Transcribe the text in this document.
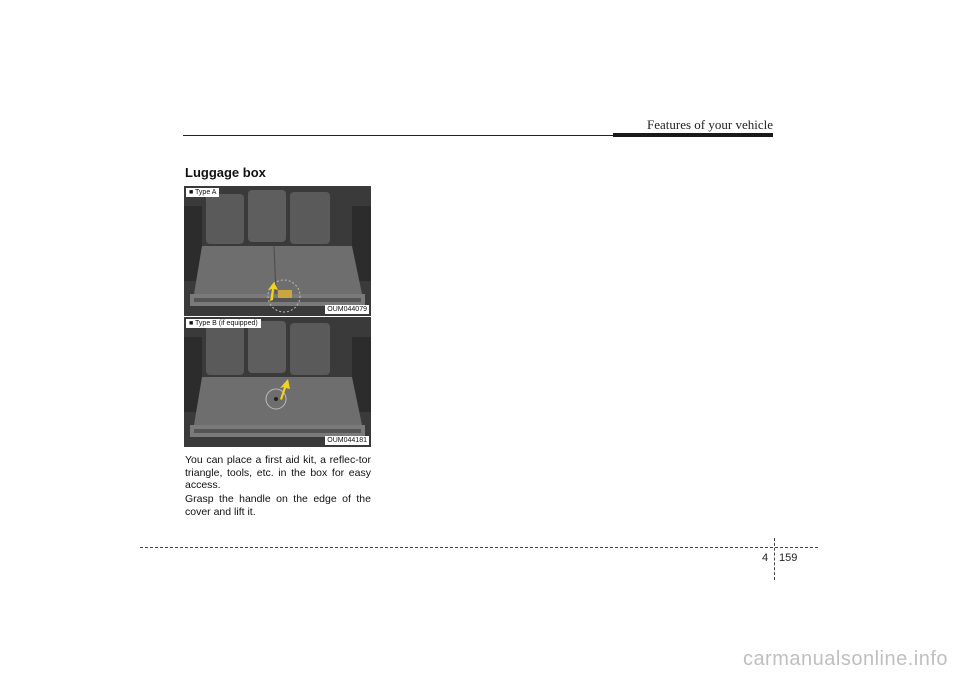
Features of your vehicle
Luggage box
■ Type A
OUM044079
■ Type B (if equipped)
OUM044181

You can place a first aid kit, a reflec-tor triangle, tools, etc. in the box for easy access.

Grasp the handle on the edge of the cover and lift it.

4 159
carmanualsonline.info
